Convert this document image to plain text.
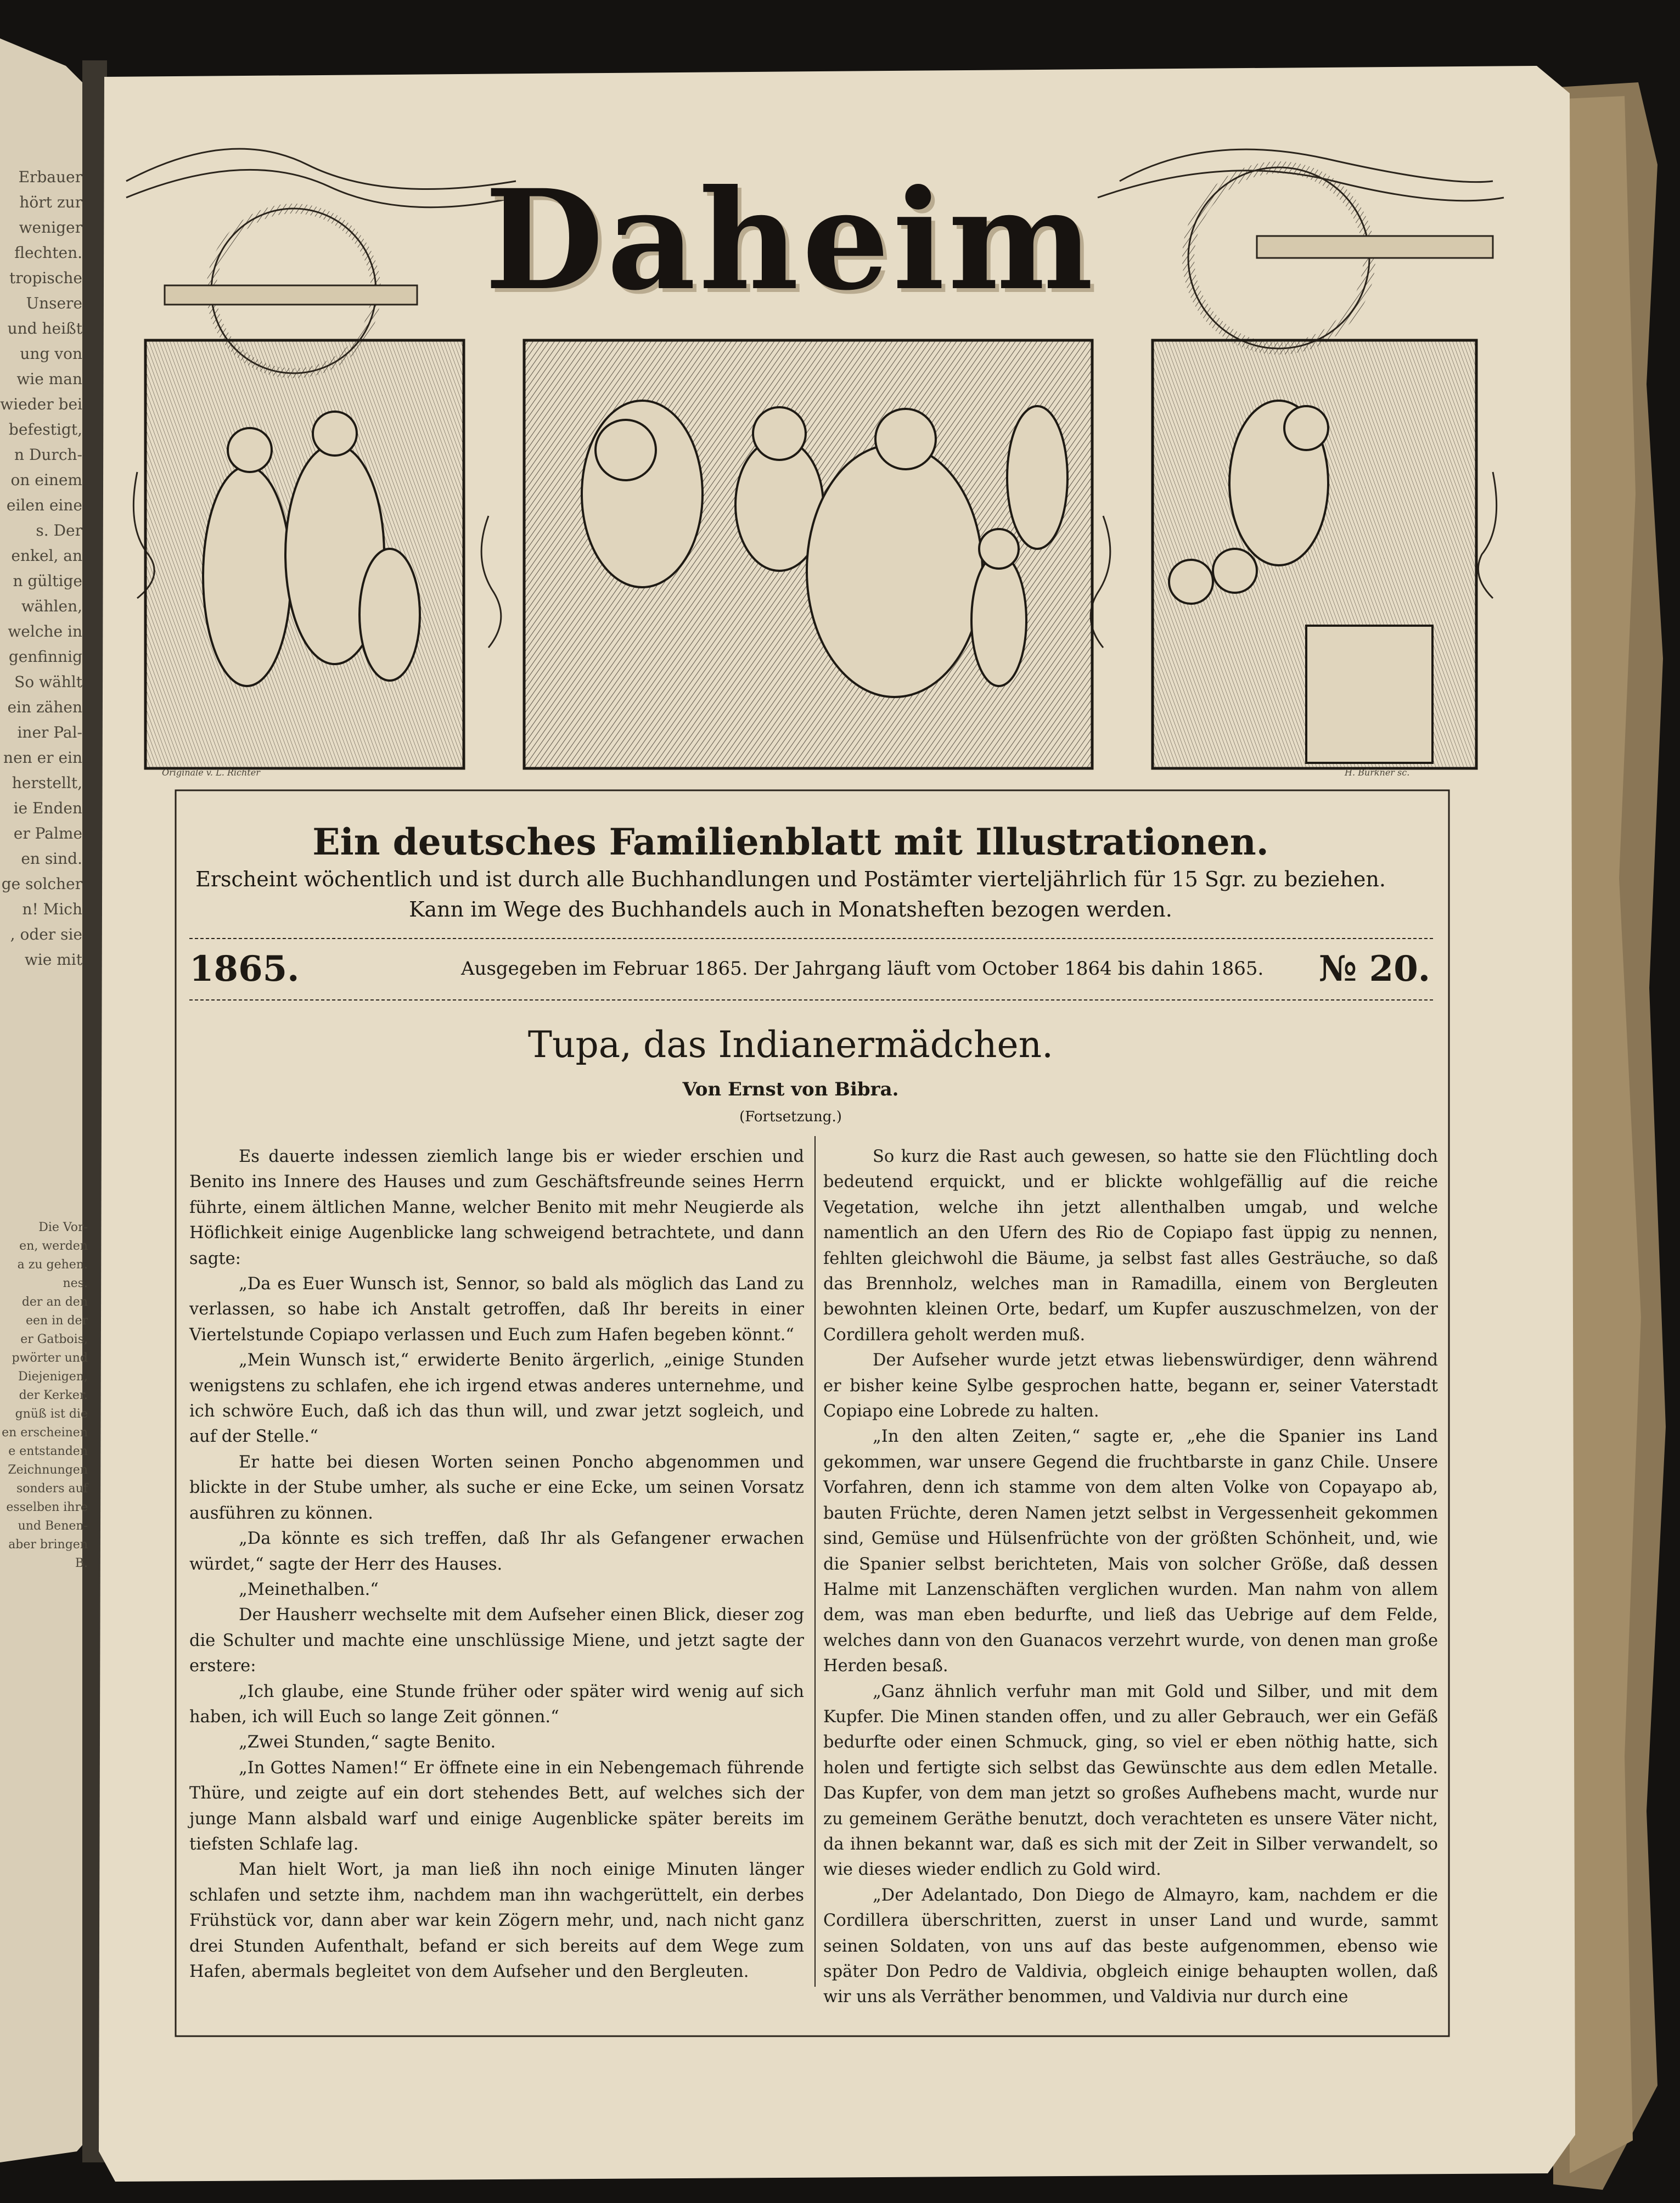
Originale v. L. Richter	H. Bürkner sc.
Erbauer
hört zur
weniger
flechten.
tropische
Unsere
und heißt
ung von
wie man
wieder bei
befestigt,
n Durch-
on einem
eilen eine
s. Der
enkel, an
n gültige
wählen,
welche in
genfinnig
So wählt
ein zähen
iner Pal-
nen er ein
herstellt,
ie Enden
er Palme
en sind.
ge solcher
n! Mich
, oder sie
wie mit
Die Vor-
en, werden
a zu gehen.
nes.
der an den
een in der
er Gatbois,
pwörter und
Diejenigen,
der Kerker.
gnüß ist die
en erscheinen
e entstanden
Zeichnungen
sonders auf
esselben ihre
und Benen-
aber bringen
B.
Daheim
Ein deutsches Familienblatt mit Illustrationen.
Erscheint wöchentlich und ist durch alle Buchhandlungen und Postämter vierteljährlich für 15 Sgr. zu beziehen.
Kann im Wege des Buchhandels auch in Monatsheften bezogen werden.
1865.	Ausgegeben im Februar 1865. Der Jahrgang läuft vom October 1864 bis dahin 1865. № 20.
Tupa, das Indianermädchen.
Von Ernst von Bibra.
(Fortsetzung.)

Es dauerte indessen ziemlich lange bis er wieder erschien und Benito ins Innere des Hauses und zum Geschäftsfreunde seines Herrn führte, einem ältlichen Manne, welcher Benito mit mehr Neugierde als Höflichkeit einige Augenblicke lang schweigend betrachtete, und dann sagte:

„Da es Euer Wunsch ist, Sennor, so bald als möglich das Land zu verlassen, so habe ich Anstalt getroffen, daß Ihr bereits in einer Viertelstunde Copiapo verlassen und Euch zum Hafen begeben könnt.“

„Mein Wunsch ist,“ erwiderte Benito ärgerlich, „einige Stunden wenigstens zu schlafen, ehe ich irgend etwas anderes unternehme, und ich schwöre Euch, daß ich das thun will, und zwar jetzt sogleich, und auf der Stelle.“

Er hatte bei diesen Worten seinen Poncho abgenommen und blickte in der Stube umher, als suche er eine Ecke, um seinen Vorsatz ausführen zu können.

„Da könnte es sich treffen, daß Ihr als Gefangener erwachen würdet,“ sagte der Herr des Hauses.

„Meinethalben.“

Der Hausherr wechselte mit dem Aufseher einen Blick, dieser zog die Schulter und machte eine unschlüssige Miene, und jetzt sagte der erstere:

„Ich glaube, eine Stunde früher oder später wird wenig auf sich haben, ich will Euch so lange Zeit gönnen.“

„Zwei Stunden,“ sagte Benito.

„In Gottes Namen!“ Er öffnete eine in ein Nebengemach führende Thüre, und zeigte auf ein dort stehendes Bett, auf welches sich der junge Mann alsbald warf und einige Augenblicke später bereits im tiefsten Schlafe lag.

Man hielt Wort, ja man ließ ihn noch einige Minuten länger schlafen und setzte ihm, nachdem man ihn wachgerüttelt, ein derbes Frühstück vor, dann aber war kein Zögern mehr, und, nach nicht ganz drei Stunden Aufenthalt, befand er sich bereits auf dem Wege zum Hafen, abermals begleitet von dem Aufseher und den Bergleuten.

So kurz die Rast auch gewesen, so hatte sie den Flüchtling doch bedeutend erquickt, und er blickte wohlgefällig auf die reiche Vegetation, welche ihn jetzt allenthalben umgab, und welche namentlich an den Ufern des Rio de Copiapo fast üppig zu nennen, fehlten gleichwohl die Bäume, ja selbst fast alles Gesträuche, so daß das Brennholz, welches man in Ramadilla, einem von Bergleuten bewohnten kleinen Orte, bedarf, um Kupfer auszuschmelzen, von der Cordillera geholt werden muß.

Der Aufseher wurde jetzt etwas liebenswürdiger, denn während er bisher keine Sylbe gesprochen hatte, begann er, seiner Vaterstadt Copiapo eine Lobrede zu halten.

„In den alten Zeiten,“ sagte er, „ehe die Spanier ins Land gekommen, war unsere Gegend die fruchtbarste in ganz Chile. Unsere Vorfahren, denn ich stamme von dem alten Volke von Copayapo ab, bauten Früchte, deren Namen jetzt selbst in Vergessenheit gekommen sind, Gemüse und Hülsenfrüchte von der größten Schönheit, und, wie die Spanier selbst berichteten, Mais von solcher Größe, daß dessen Halme mit Lanzenschäften verglichen wurden. Man nahm von allem dem, was man eben bedurfte, und ließ das Uebrige auf dem Felde, welches dann von den Guanacos verzehrt wurde, von denen man große Herden besaß.

„Ganz ähnlich verfuhr man mit Gold und Silber, und mit dem Kupfer. Die Minen standen offen, und zu aller Gebrauch, wer ein Gefäß bedurfte oder einen Schmuck, ging, so viel er eben nöthig hatte, sich holen und fertigte sich selbst das Gewünschte aus dem edlen Metalle. Das Kupfer, von dem man jetzt so großes Aufhebens macht, wurde nur zu gemeinem Geräthe benutzt, doch verachteten es unsere Väter nicht, da ihnen bekannt war, daß es sich mit der Zeit in Silber verwandelt, so wie dieses wieder endlich zu Gold wird.

„Der Adelantado, Don Diego de Almayro, kam, nachdem er die Cordillera überschritten, zuerst in unser Land und wurde, sammt seinen Soldaten, von uns auf das beste aufgenommen, ebenso wie später Don Pedro de Valdivia, obgleich einige behaupten wollen, daß wir uns als Verräther benommen, und Valdivia nur durch eine
